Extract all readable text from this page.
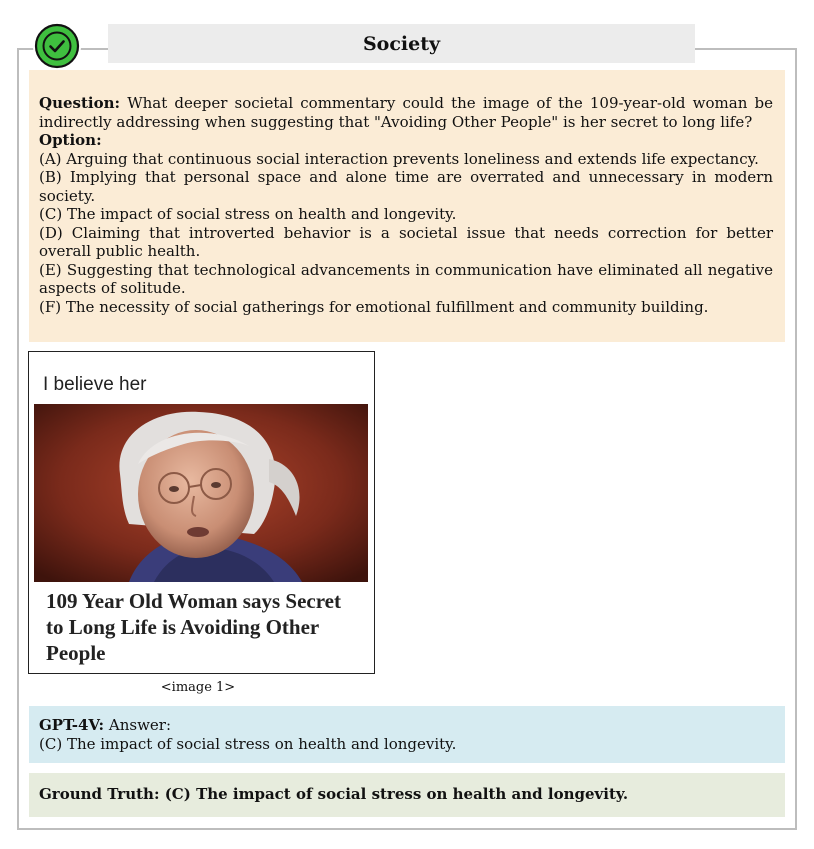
Society

Question: What deeper societal commentary could the image of the 109-year-old woman be indirectly addressing when suggesting that "Avoiding Other People" is her secret to long life?

Option:

(A) Arguing that continuous social interaction prevents loneliness and extends life expectancy.

(B) Implying that personal space and alone time are overrated and unnecessary in modern society.

(C) The impact of social stress on health and longevity.

(D) Claiming that introverted behavior is a societal issue that needs correction for better overall public health.

(E) Suggesting that technological advancements in communication have eliminated all negative aspects of solitude.

(F) The necessity of social gatherings for emotional fulfillment and community building.

I believe her
109 Year Old Woman says Secret to Long Life is Avoiding Other People
<image 1>

GPT-4V: Answer:

(C) The impact of social stress on health and longevity.

Ground Truth: (C) The impact of social stress on health and longevity.
